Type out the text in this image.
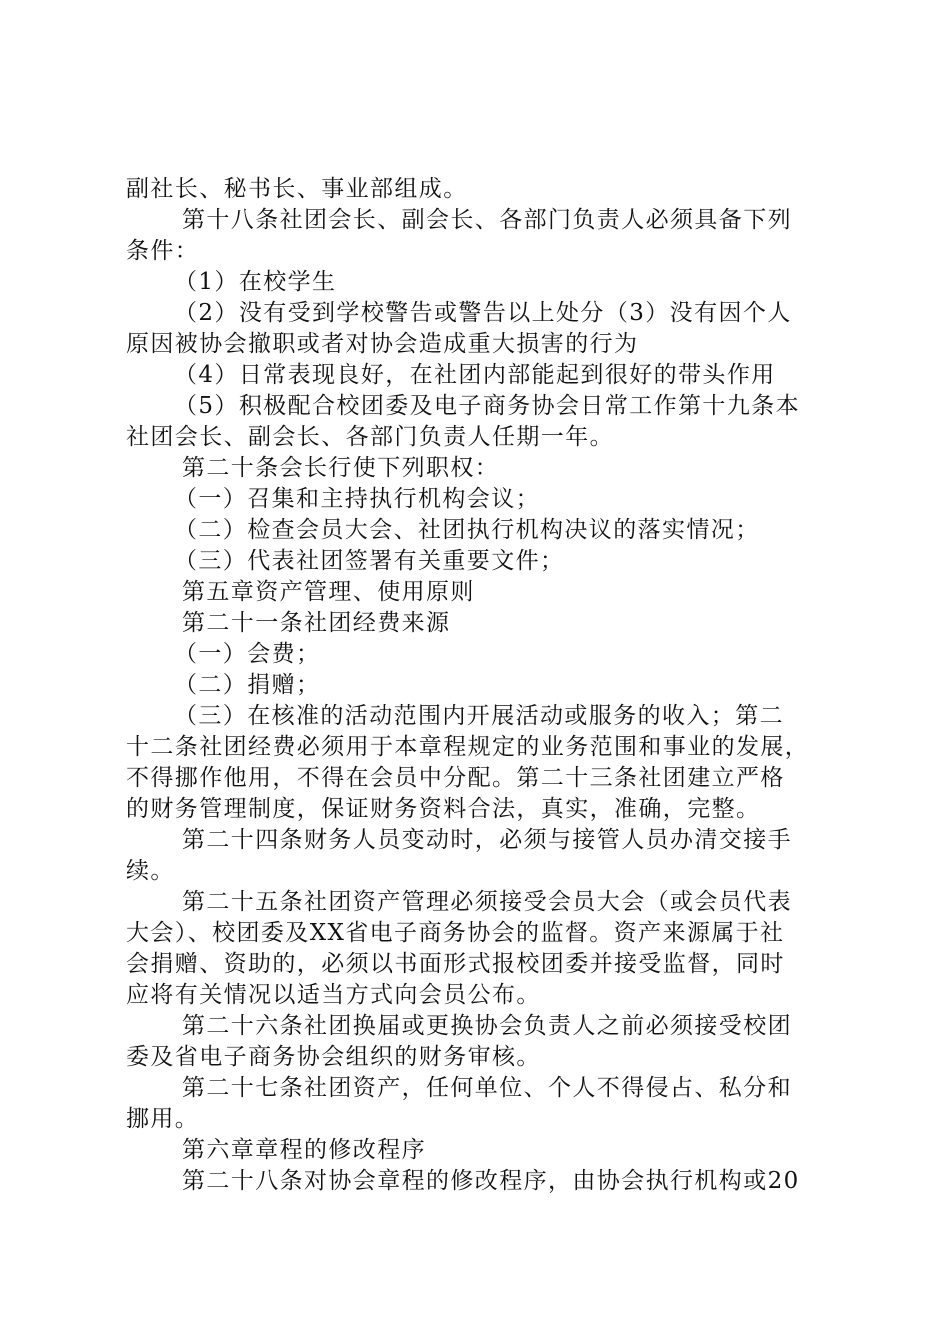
副社长、秘书长、事业部组成。
第十八条社团会长、副会长、各部门负责人必须具备下列
条件：
（1）在校学生
（2）没有受到学校警告或警告以上处分（3）没有因个人
原因被协会撤职或者对协会造成重大损害的行为
（4）日常表现良好，在社团内部能起到很好的带头作用
（5）积极配合校团委及电子商务协会日常工作第十九条本
社团会长、副会长、各部门负责人任期一年。
第二十条会长行使下列职权：
（一）召集和主持执行机构会议；
（二）检查会员大会、社团执行机构决议的落实情况；
（三）代表社团签署有关重要文件；
第五章资产管理、使用原则
第二十一条社团经费来源
（一）会费；
（二）捐赠；
（三）在核准的活动范围内开展活动或服务的收入；第二
十二条社团经费必须用于本章程规定的业务范围和事业的发展，
不得挪作他用，不得在会员中分配。第二十三条社团建立严格
的财务管理制度，保证财务资料合法，真实，准确，完整。
第二十四条财务人员变动时，必须与接管人员办清交接手
续。
第二十五条社团资产管理必须接受会员大会（或会员代表
大会）、校团委及XX省电子商务协会的监督。资产来源属于社
会捐赠、资助的，必须以书面形式报校团委并接受监督，同时
应将有关情况以适当方式向会员公布。
第二十六条社团换届或更换协会负责人之前必须接受校团
委及省电子商务协会组织的财务审核。
第二十七条社团资产，任何单位、个人不得侵占、私分和
挪用。
第六章章程的修改程序
第二十八条对协会章程的修改程序，由协会执行机构或20
